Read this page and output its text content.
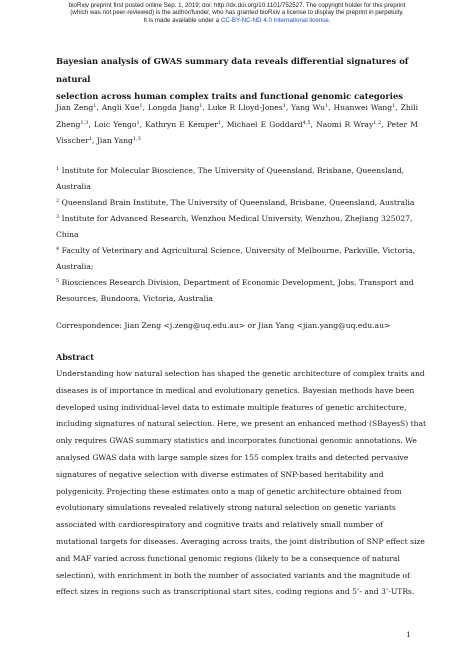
bioRxiv preprint first posted online Sep. 1, 2019; doi: http://dx.doi.org/10.1101/752527. The copyright holder for this preprint
(which was not peer-reviewed) is the author/funder, who has granted bioRxiv a license to display the preprint in perpetuity.
It is made available under a CC-BY-NC-ND 4.0 International license.
Bayesian analysis of GWAS summary data reveals differential signatures of natural
selection across human complex traits and functional genomic categories
Jian Zeng$^1$, Angli Xue$^1$, Longda Jiang$^1$, Luke R Lloyd-Jones$^1$, Yang Wu$^1$, Huanwei Wang$^1$, Zhili Zheng$^{1,3}$, Loic Yengo$^1$, Kathryn E Kemper$^1$, Michael E Goddard$^{4,5}$, Naomi R Wray$^{1,2}$, Peter M Visscher$^1$, Jian Yang$^{1,3}$
$^1$ Institute for Molecular Bioscience, The University of Queensland, Brisbane, Queensland,
Australia
$^2$ Queensland Brain Institute, The University of Queensland, Brisbane, Queensland, Australia
$^3$ Institute for Advanced Research, Wenzhou Medical University, Wenzhou, Zhejiang 325027,
China
$^4$ Faculty of Veterinary and Agricultural Science, University of Melbourne, Parkville, Victoria,
Australia;
$^5$ Biosciences Research Division, Department of Economic Development, Jobs, Transport and
Resources, Bundoora, Victoria, Australia
Correspondence: Jian Zeng <j.zeng@uq.edu.au> or Jian Yang <jian.yang@uq.edu.au>
Abstract
Understanding how natural selection has shaped the genetic architecture of complex traits and
diseases is of importance in medical and evolutionary genetics. Bayesian methods have been
developed using individual-level data to estimate multiple features of genetic architecture,
including signatures of natural selection. Here, we present an enhanced method (SBayesS) that
only requires GWAS summary statistics and incorporates functional genomic annotations. We
analysed GWAS data with large sample sizes for 155 complex traits and detected pervasive
signatures of negative selection with diverse estimates of SNP-based heritability and
polygenicity. Projecting these estimates onto a map of genetic architecture obtained from
evolutionary simulations revealed relatively strong natural selection on genetic variants
associated with cardiorespiratory and cognitive traits and relatively small number of
mutational targets for diseases. Averaging across traits, the joint distribution of SNP effect size
and MAF varied across functional genomic regions (likely to be a consequence of natural
selection), with enrichment in both the number of associated variants and the magnitude of
effect sizes in regions such as transcriptional start sites, coding regions and 5’- and 3’-UTRs.
1
